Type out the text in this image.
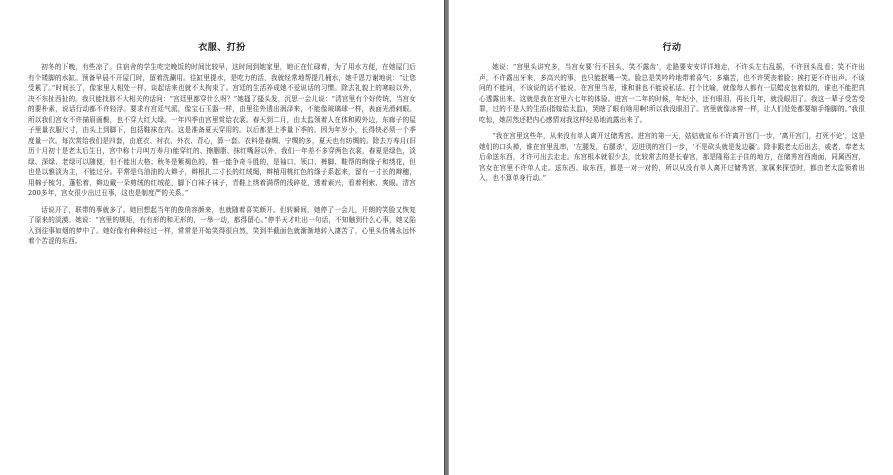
衣服、打扮

初冬的下晚，有些凉了。住宿舍的学生吃完晚饭的时间比较早，这时间到她家里，她正在忙碌着，为了用水方便，在她屋门后有个矮脚的水缸。预备早晨不开屋门时，留着洗涮用。往缸里提水，是吃力的活，我就经常地帮提几桶水，她千恩万谢地说：“让您受累了。”时间长了，像家里人相处一样，谈起话来也就不太拘束了。宫廷的生活养成她不爱说话的习惯。除去礼貌上的寒暄以外，决不东扯西扯的。我只能找那不大相关的话问：“宫廷里都穿什么呀？”她搔了搔头发，沉思一会儿说：“清宫里有个好传统，当宫女的要朴素，说话行动都不许轻浮。要求有宫廷气派，像宝石玉器一样，由里往外透出润泽来，不能像玻璃球一样，表面光滑刺眼。所以我们宫女不许描眉画鬓，也不穿大红大绿。一年四季由宫里赏给衣裳。春天到二月，由太监领着人在体和殿外边，东廊子的屋子里量衣服尺寸，由头上到脚下，包括鞋袜在内。这是准备夏天穿用的。以后都是上季量下季的。因为年岁小，长得快必须一个季度量一次。每次赏给我们是四套，由底衣、衬衣、外衣、背心，算一套。衣料是春绸、宁绸的多，夏天也有纺绸的。除去万寿月(旧历十月初十是老太后生日，宫中称十月叫万寿月)能穿红的、擦胭脂、抹红嘴唇以外，我们一年差不多穿两色衣裳，春夏是绿色，淡绿、深绿、老绿可以随便，但不能出大格；秋冬是紫褐色的，惟一能争奇斗胜的，是袖口、领口、裤脚、鞋帮的绚缘子和绣花，但也是以雅淡为主，不能过分。平常是乌油油的大辫子，辫根扎二寸长的红绒绳，辫梢用桃红色的绦子系起来，留有一寸长的辫穗，用棉子梳匀，蓬松着，辫边戴一朵剪绒的红绒花，脚下白袜子袜子，青鞋上绣着满帮的浅碎花，透着素兴，看着利索、爽眼。清宫200多年，宫女很少出过丑事，这也是制度严的关系。”

话说开了，联带的事就多了。她回想起当年的俊俏容颜来，也就随着喜笑颜开。但转瞬间，她停了一会儿，开朗的笑脸又恢复了原来的淡漠。她说：“宫里的规矩，有有形的和无形的，一举一动，都得留心。”停半天才吐出一句话，不知触到什么心事，她又陷入到往事如烟的梦中了。她好像有种种经过一样，常常是开始笑得很自然，笑到半截面色就渐渐地转入凄苦了，心里头仿佛永远怀着个苦涩的东西。

行动

她说：“宫里头讲究多，当宫女要‘行不回头，笑不露齿’，走路要安安详详地走，不许头左右乱摇，不许回头乱看；笑不许出声，不许露出牙来，多高兴的事，也只能抿嘴一笑。脸总是笑吟吟地带着喜气；多痛苦，也不许哭丧着脸；挨打更不许出声。不该问的不能问，不该说的话不能说，在宫里当差，谁和谁也不能说私话。打个比喻，就像每人都有一层蜡皮包着似的，谁也不能把真心透露出来。这就是我在宫里六七年的体验。进宫一二年的时候，年纪小，还有眼泪，再长几年，就没眼泪了。我这一辈子受苦受罪，过的不是人的生活(指嫁给太监)，哭瞎了眼有啥用啊!所以我没眼泪了。宫里就像冰窖一样，让人们处处都要缩手缩脚的。”我很吃惊，她居然还把内心感情对我这样轻易地流露出来了。

“我在宫里这些年，从来没有单人离开过储秀宫。进宫的第一天，姑姑就宣布不许离开宫门一步，‘离开宫门，打死不论’，这是她们的口头禅，谁在宫里乱串，‘左腿发，右腿杀’，迈进别的宫门一步，‘不是砍头就是发边疆’。除非跟老太后出去，或者，奉老太后命送东西，才许可出去走走。东宫根本就很少去，比较常去的是长春宫，那是隆裕主子住的地方，在储秀宫西南面，同属西宫，宫女在宫里不许单人走。送东西、取东西，都是一对一对的，所以从没有单人离开过储秀宫，家属来探望时，都由老太监领着出入，也不算单身行动。”
